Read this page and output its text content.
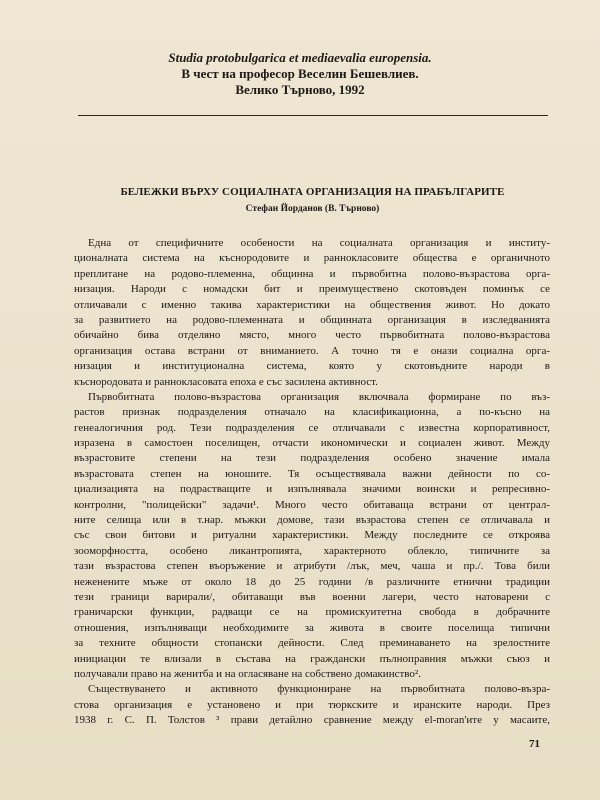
Studia protobulgarica et mediaevalia europensia.
В чест на професор Веселин Бешевлиев.
Велико Търново, 1992
БЕЛЕЖКИ ВЪРХУ СОЦИАЛНАТА ОРГАНИЗАЦИЯ НА ПРАБЪЛГАРИТЕ
Стефан Йорданов (В. Търново)
Една от специфичните особености на социалната организация и институ-
ционалната система на къснородовите и раннокласовите общества е органичното
преплитане на родово-племенна, общинна и първобитна полово-възрастова орга-
низация. Народи с номадски бит и преимуществено скотовъден поминък се
отличавали с именно такива характеристики на обществения живот. Но докато
за развитието на родово-племенната и общинната организация в изследванията
обичайно бива отделяно място, много често първобитната полово-възрастова
организация остава встрани от вниманието. А точно тя е онази социална орга-
низация и институционална система, която у скотовъдните народи в
къснородовата и раннокласовата епоха е със засилена активност.
Първобитната полово-възрастова организация включвала формиране по въз-
растов признак подразделения отначало на класификационна, а по-късно на
генеалогичния род. Тези подразделения се отличавали с известна корпоративност,
изразена в самостоен поселищен, отчасти икономически и социален живот. Между
възрастовите степени на тези подразделения особено значение имала
възрастовата степен на юношите. Тя осъществявала важни дейности по со-
циализацията на подрастващите и изпълнявала значими воински и репресивно-
контролни, "полицейски" задачи¹. Много често обитаваща встрани от централ-
ните селища или в т.нар. мъжки домове, тази възрастова степен се отличавала и
със свои битови и ритуални характеристики. Между последните се откроява
зооморфността, особено ликантропията, характерното облекло, типичните за
тази възрастова степен въоръжение и атрибути /лък, меч, чаша и пр./. Това били
неженените мъже от около 18 до 25 години /в различните етнични традиции
тези граници варирали/, обитаващи във военни лагери, често натоварени с
граничарски функции, радващи се на промискуитетна свобода в добрачните
отношения, изпълняващи необходимите за живота в своите поселища типични
за техните общности стопански дейности. След преминаването на зрелостните
инициации те влизали в състава на граждански пълноправния мъжки съюз и
получавали право на женитба и на огласяване на собствено домакинство².
Съществуването и активното функциониране на първобитната полово-възра-
стова организация е установено и при тюркските и иранските народи. През
1938 г. С. П. Толстов ³ прави детайлно сравнение между el-moran'ите у масаите,
71
